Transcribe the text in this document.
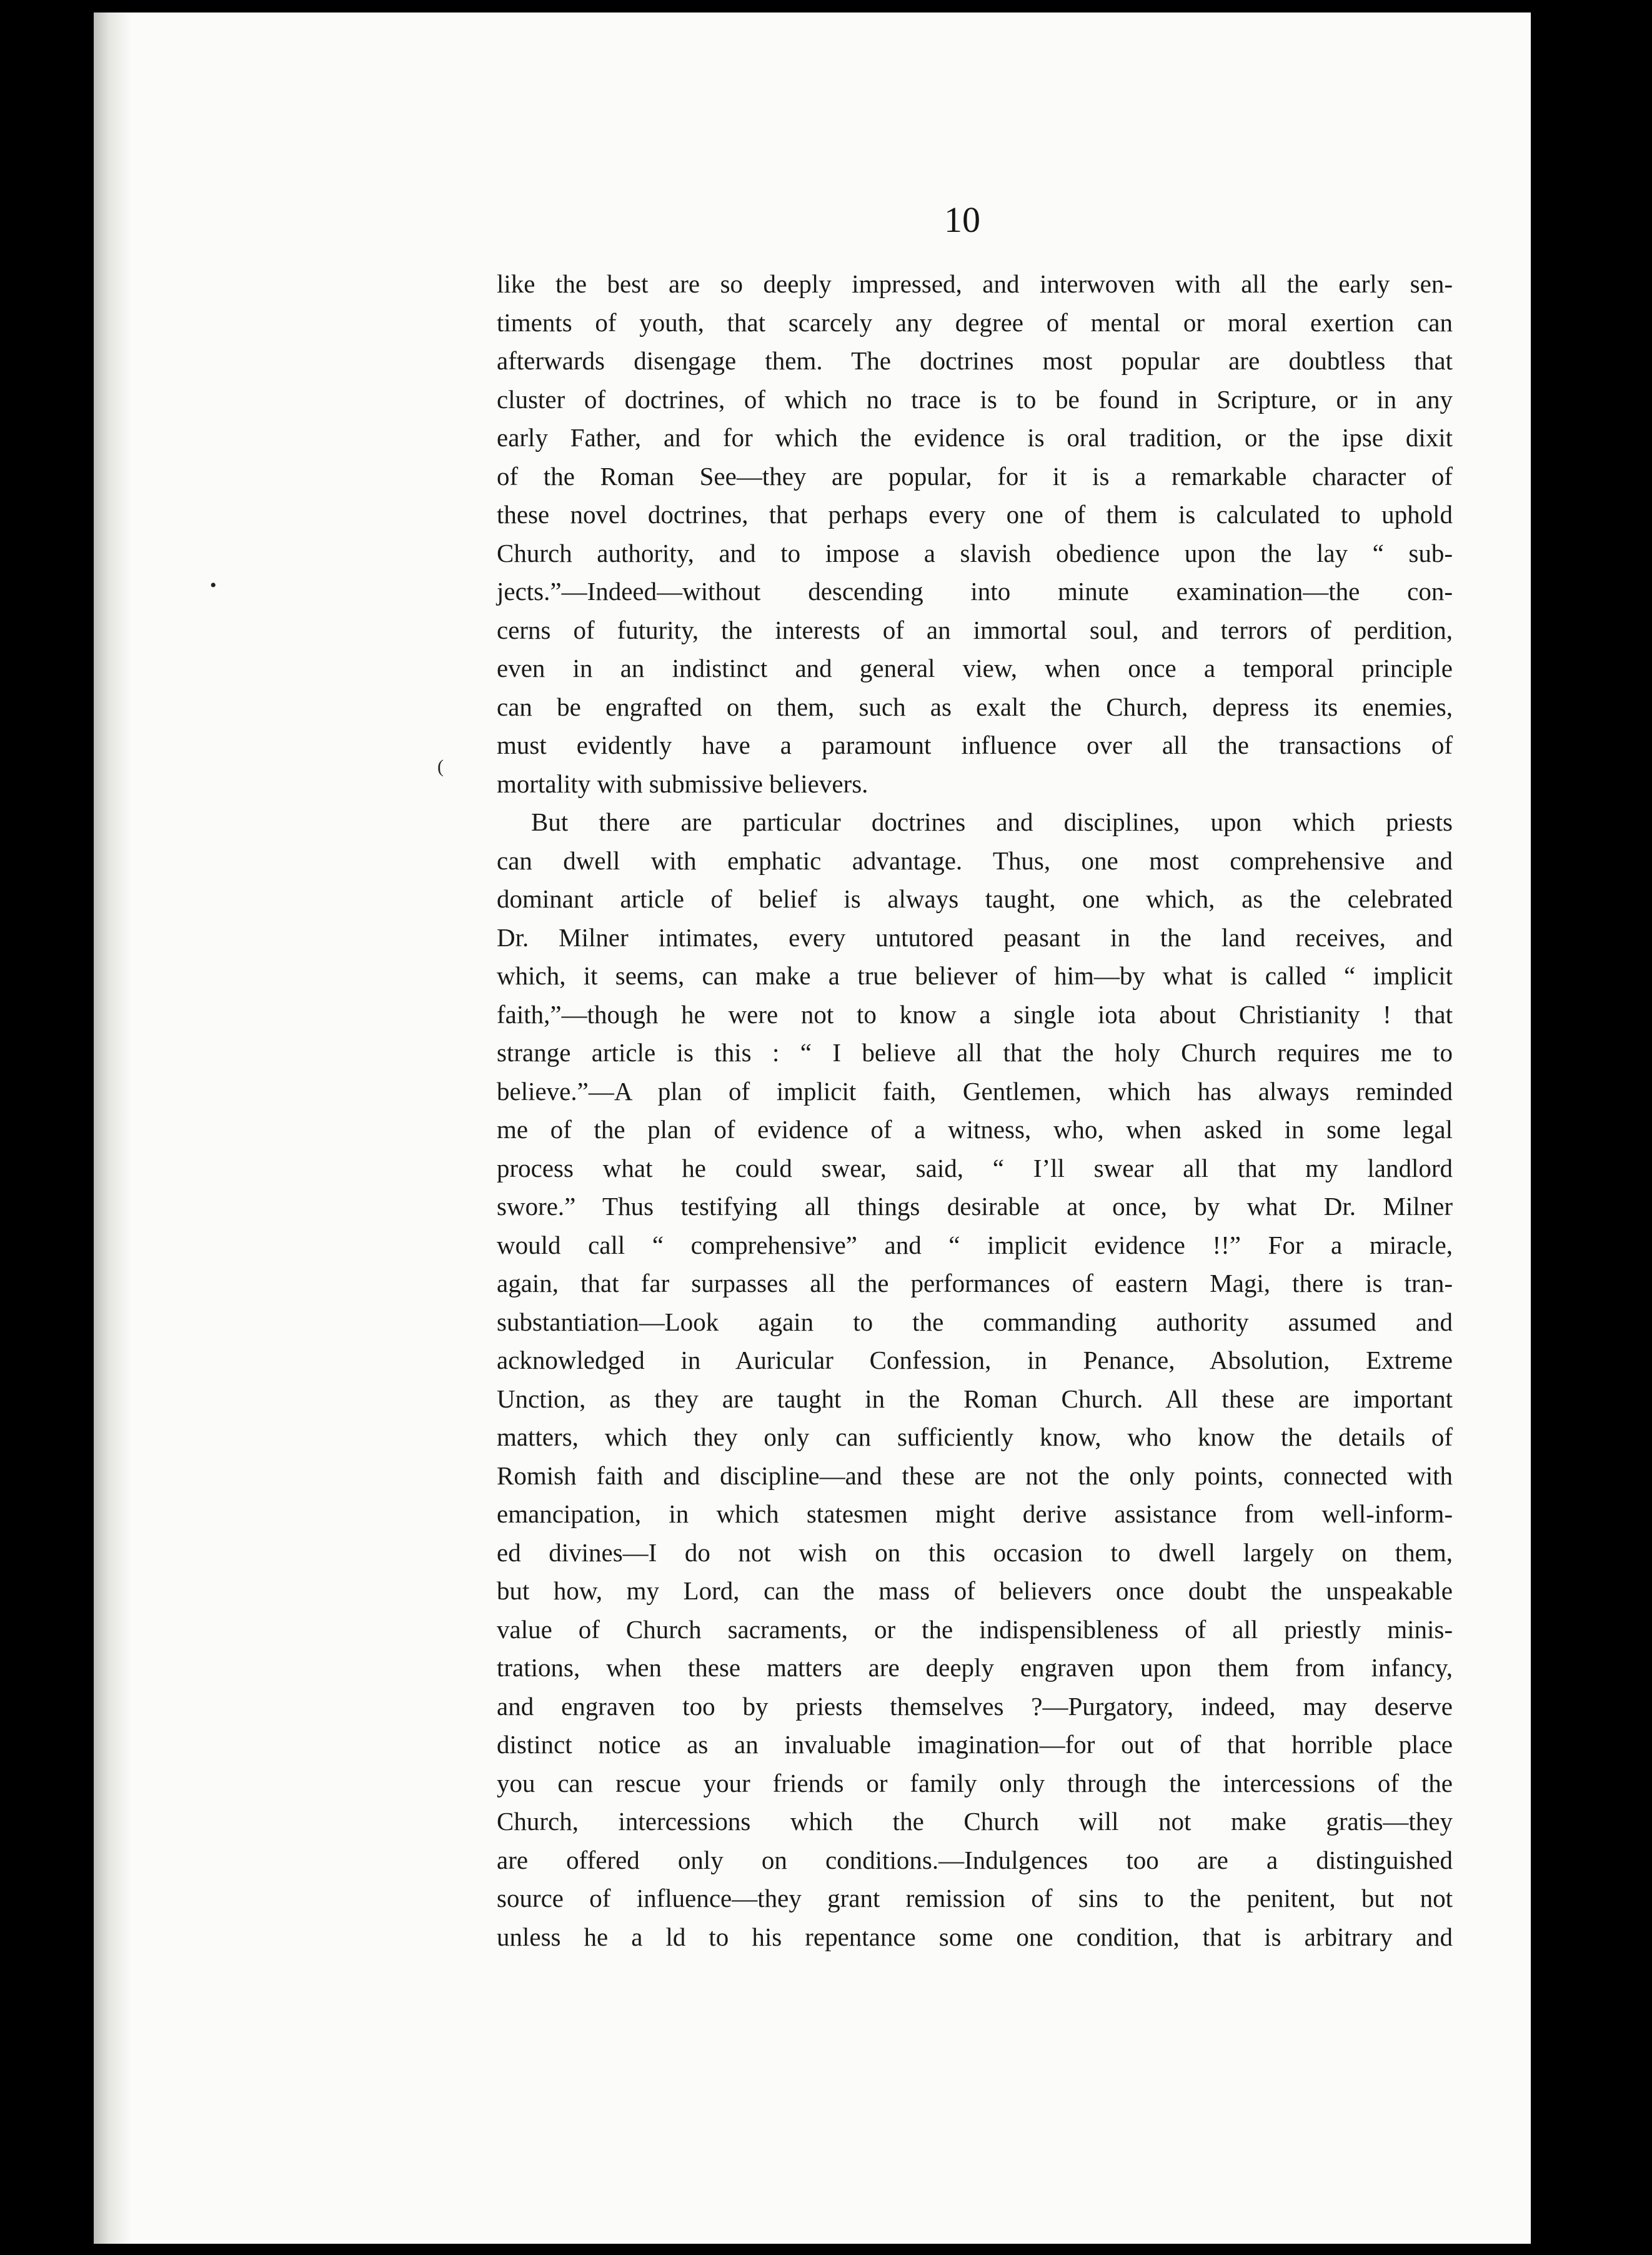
10
•
(
like the best are so deeply impressed, and interwoven with all the early sen-
timents of youth, that scarcely any degree of mental or moral exertion can
afterwards disengage them. The doctrines most popular are doubtless that
cluster of doctrines, of which no trace is to be found in Scripture, or in any
early Father, and for which the evidence is oral tradition, or the ipse dixit
of the Roman See—they are popular, for it is a remarkable character of
these novel doctrines, that perhaps every one of them is calculated to uphold
Church authority, and to impose a slavish obedience upon the lay “ sub-
jects.”—Indeed—without descending into minute examination—the con-
cerns of futurity, the interests of an immortal soul, and terrors of perdition,
even in an indistinct and general view, when once a temporal principle
can be engrafted on them, such as exalt the Church, depress its enemies,
must evidently have a paramount influence over all the transactions of
mortality with submissive believers.
But there are particular doctrines and disciplines, upon which priests
can dwell with emphatic advantage. Thus, one most comprehensive and
dominant article of belief is always taught, one which, as the celebrated
Dr. Milner intimates, every untutored peasant in the land receives, and
which, it seems, can make a true believer of him—by what is called “ implicit
faith,”—though he were not to know a single iota about Christianity ! that
strange article is this : “ I believe all that the holy Church requires me to
believe.”—A plan of implicit faith, Gentlemen, which has always reminded
me of the plan of evidence of a witness, who, when asked in some legal
process what he could swear, said, “ I’ll swear all that my landlord
swore.” Thus testifying all things desirable at once, by what Dr. Milner
would call “ comprehensive” and “ implicit evidence !!” For a miracle,
again, that far surpasses all the performances of eastern Magi, there is tran-
substantiation—Look again to the commanding authority assumed and
acknowledged in Auricular Confession, in Penance, Absolution, Extreme
Unction, as they are taught in the Roman Church. All these are important
matters, which they only can sufficiently know, who know the details of
Romish faith and discipline—and these are not the only points, connected with
emancipation, in which statesmen might derive assistance from well-inform-
ed divines—I do not wish on this occasion to dwell largely on them,
but how, my Lord, can the mass of believers once doubt the unspeakable
value of Church sacraments, or the indispensibleness of all priestly minis-
trations, when these matters are deeply engraven upon them from infancy,
and engraven too by priests themselves ?—Purgatory, indeed, may deserve
distinct notice as an invaluable imagination—for out of that horrible place
you can rescue your friends or family only through the intercessions of the
Church, intercessions which the Church will not make gratis—they
are offered only on conditions.—Indulgences too are a distinguished
source of influence—they grant remission of sins to the penitent, but not
unless he a ld to his repentance some one condition, that is arbitrary and
